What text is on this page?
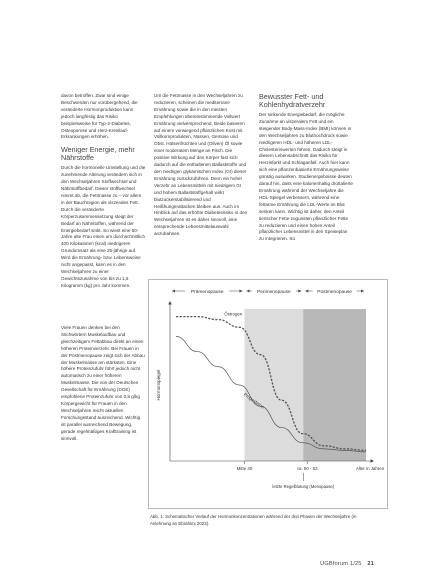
davon betroffen. Zwar sind einige Beschwerden nur vorübergehend, die veränderte Hormonproduktion kann jedoch langfristig das Risiko beispielsweise für Typ-2-Diabetes, Osteoporose und Herz-Kreislauf-Erkrankungen erhöhen.

Weniger Energie, mehr Nährstoffe

Durch die hormonelle Umstellung und die zunehmende Alterung verändern sich in den Wechseljahren Stoffwechsel und Nährstoffbedarf. Dieser stoffwechsel nimmt ab, die Fettmasse zu – vor allem in der Bauchregion als viszerales Fett. Durch die veränderte Körperzusammensetzung steigt der Bedarf an Nährstoffen, während der Energiebedarf sinkt. So wiest eine 50-Jahre alte Frau einen um durchschnittlich 400 Kilokalorien (kcal) niedrigeren Grundumsatz als eine 25-jährige auf. Wird die Ernährung- bzw. Lebensweise nicht angepasst, kann es in den Wechseljahren zu einer Gewichtszunahme von bis zu 1,5 Kilogramm (kg) pro Jahr kommen.

Viele Frauen denken bei den Stichwörtern Muskelaufbau und gleichzeitigem Fettabbau direkt an einen höheren Proteinverzehr. Bei Frauen in der Postmenopause zeigt sich der Abbau der Muskelmasse am stärksten. Eine höhere Proteinzufuhr führt jedoch nicht automatisch zu einer höheren Muskelmasse. Die von der Deutschen Gesellschaft für Ernährung (DGE) empfohlene Proteinzufuhr von 0,8 g/kg Körpergewicht für Frauen in den Wechseljahren reicht aktuellen Forschungsstand ausreichend. Wichtig ist parallel ausreichend Bewegung, gerade regelmäßiges Krafttraining ist sinnvoll.

Um die Fettmasse in den Wechseljahren zu reduzieren, scheinen die mediterrane Ernährung sowie die in den meisten Empfehlungen übereinstimmende Vollwert Ernährung vielversprechend. Beide basieren auf einem vorwiegend pflanzlichen Kost mit Vollkornprodukten, Nüssen, Gemüse und Obst. Hülsenfrüchten und (Oliven) Öl sowie einer moderatem Menge an Fisch. Die positive Wirkung auf den Körper fast sich dadurch auf die enthaltenen Ballaststoffe und den niedrigen glykämischen Index (GI) dieser Ernährung zurückzuführen. Denn ein hoher Verzehr an Lebensmitteln mit niedrigem GI und hohem Ballaststoffgehalt wirkt blutzuckerstabilisierend und Heißhungerattacken bleiben aus. Auch im Hinblick auf das erhöhte Diabetesrisiko in den Wechseljahren ist es daher sinnvoll, eine entsprechende Lebensmittelauswahl anzubahnen.

Bewusster Fett- und Kohlenhydratverzehr

Der sinkende Energiebedarf, die mögliche Zunahme an viszeralem Fett und ein steigender Body-Mass-Index (BMI) können in den Wechseljahren zu Bluthochdruck sowie niedrigeren HDL- und höheren LDL-Cholesterinwerten führen. Dadurch steigt in diesem Lebensabschnitt das Risiko für Herzinfarkt und Schlaganfall. Auch hier kann sich eine pflanzenbasierte Ernährungsweise günstig auswirken. Studienergebnisse deuten darauf hin, dass eine kalorienhaltig drottalierte Ernährung während der Wechseljahre die HDL-Spiegel verbessern, während eine fettarme Ernährung die LDL-Werte im Blut senken kann. Wichtig ist daher, den Anteil tierischer Fette zugunsten pflanzlicher Fette zu reduzieren und einen hohen Anteil pflanzlicher Lebensmittel in den Speiseplan zu integrieren. So

Prämenopause	Perimenopause	Postmenopause
Hormonspiegel
Mitte 40	ca. 50 - 53	Alter in Jahren
letzte Regelblutung (Menopause)
Östrogen
Progesteron
Abb. 1: Schematischer Verlauf der Hormonkonzentrationen während der drei Phasen der Wechseljahre (in Anlehnung an Ebrahimi 2023).
UGBforum 1/25 21
